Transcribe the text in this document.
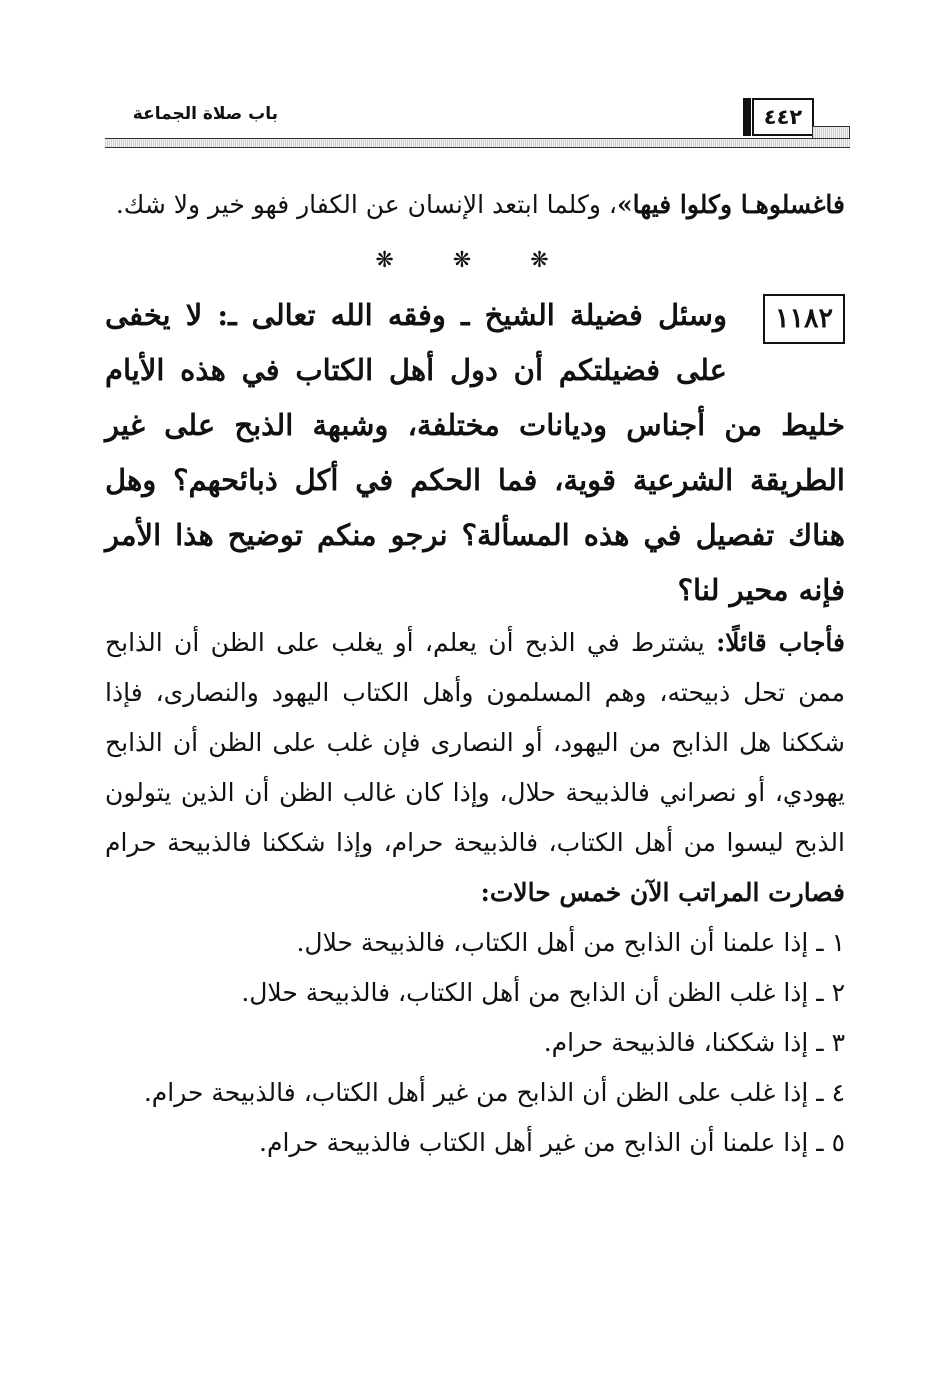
باب صلاة الجماعة	٤٤٢

فاغسلوهـا وكلوا فيها»، وكلما ابتعد الإنسان عن الكفار فهو خير ولا شك.

❋ ❋ ❋

١١٨٢
وسئل فضيلة الشيخ ـ وفقه الله تعالى ـ: لا يخفى على فضيلتكم أن دول أهل الكتاب في هذه الأيام خليط من أجناس وديانات مختلفة، وشبهة الذبح على غير الطريقة الشرعية قوية، فما الحكم في أكل ذبائحهم؟ وهل هناك تفصيل في هذه المسألة؟ نرجو منكم توضيح هذا الأمر فإنه محير لنا؟

فأجاب قائلًا: يشترط في الذبح أن يعلم، أو يغلب على الظن أن الذابح ممن تحل ذبيحته، وهم المسلمون وأهل الكتاب اليهود والنصارى، فإذا شككنا هل الذابح من اليهود، أو النصارى فإن غلب على الظن أن الذابح يهودي، أو نصراني فالذبيحة حلال، وإذا كان غالب الظن أن الذين يتولون الذبح ليسوا من أهل الكتاب، فالذبيحة حرام، وإذا شككنا فالذبيحة حرام فصارت المراتب الآن خمس حالات:

١ ـ إذا علمنا أن الذابح من أهل الكتاب، فالذبيحة حلال.

٢ ـ إذا غلب الظن أن الذابح من أهل الكتاب، فالذبيحة حلال.

٣ ـ إذا شككنا، فالذبيحة حرام.

٤ ـ إذا غلب على الظن أن الذابح من غير أهل الكتاب، فالذبيحة حرام.

٥ ـ إذا علمنا أن الذابح من غير أهل الكتاب فالذبيحة حرام.
